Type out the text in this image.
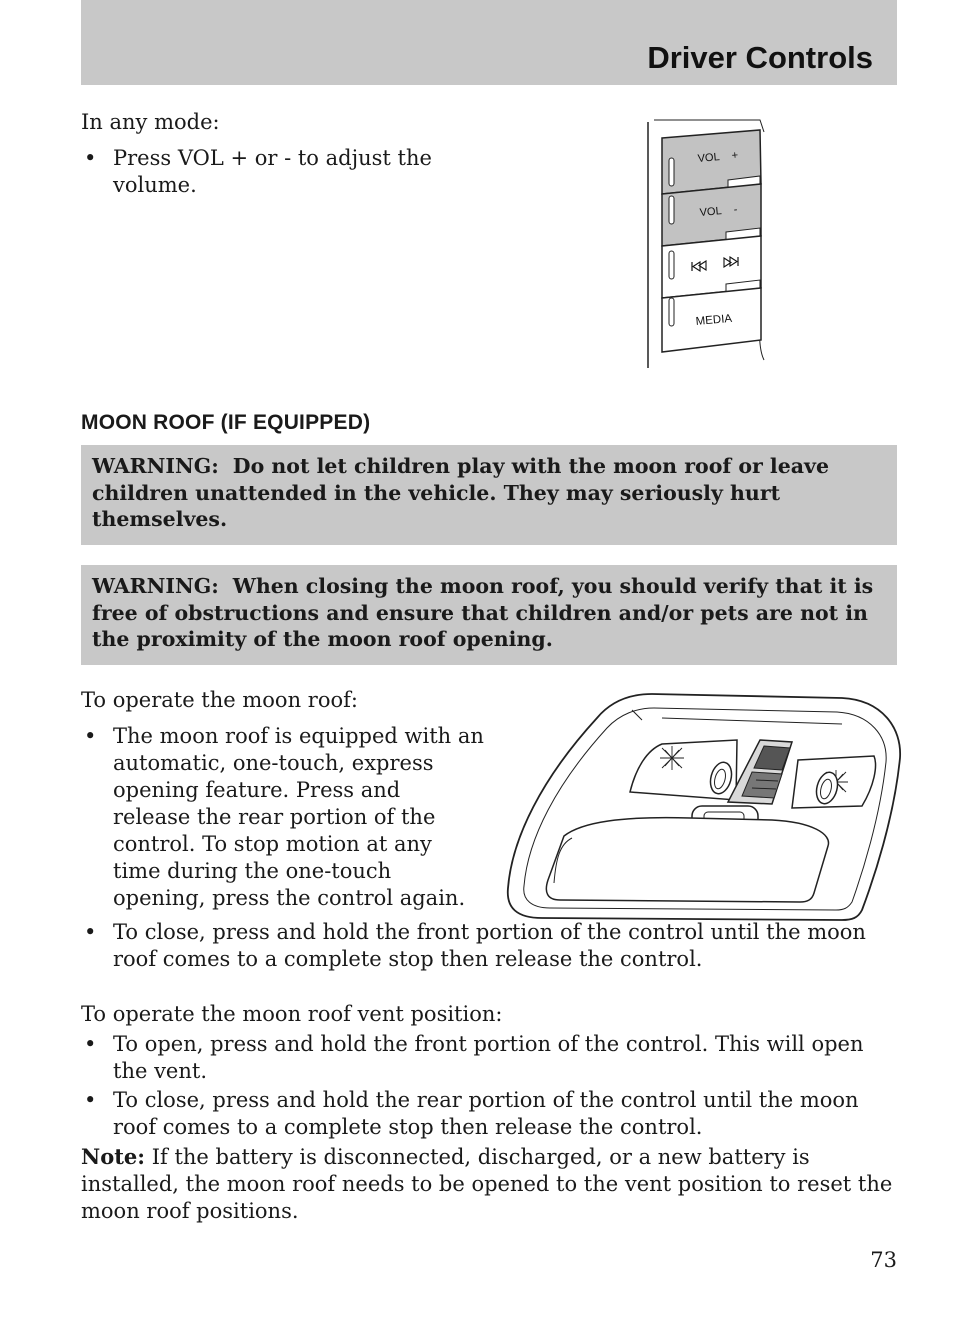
Driver Controls
In any mode:
• Press VOL + or - to adjust the volume.
VOL +
VOL -
MEDIA
MOON ROOF (IF EQUIPPED)
WARNING: Do not let children play with the moon roof or leave children unattended in the vehicle. They may seriously hurt themselves.
WARNING: When closing the moon roof, you should verify that it is free of obstructions and ensure that children and/or pets are not in the proximity of the moon roof opening.
To operate the moon roof:
• The moon roof is equipped with an automatic, one-touch, express opening feature. Press and release the rear portion of the control. To stop motion at any time during the one-touch opening, press the control again.
• To close, press and hold the front portion of the control until the moon roof comes to a complete stop then release the control.
To operate the moon roof vent position:
• To open, press and hold the front portion of the control. This will open the vent.
• To close, press and hold the rear portion of the control until the moon roof comes to a complete stop then release the control.
Note: If the battery is disconnected, discharged, or a new battery is installed, the moon roof needs to be opened to the vent position to reset the moon roof positions.
73
